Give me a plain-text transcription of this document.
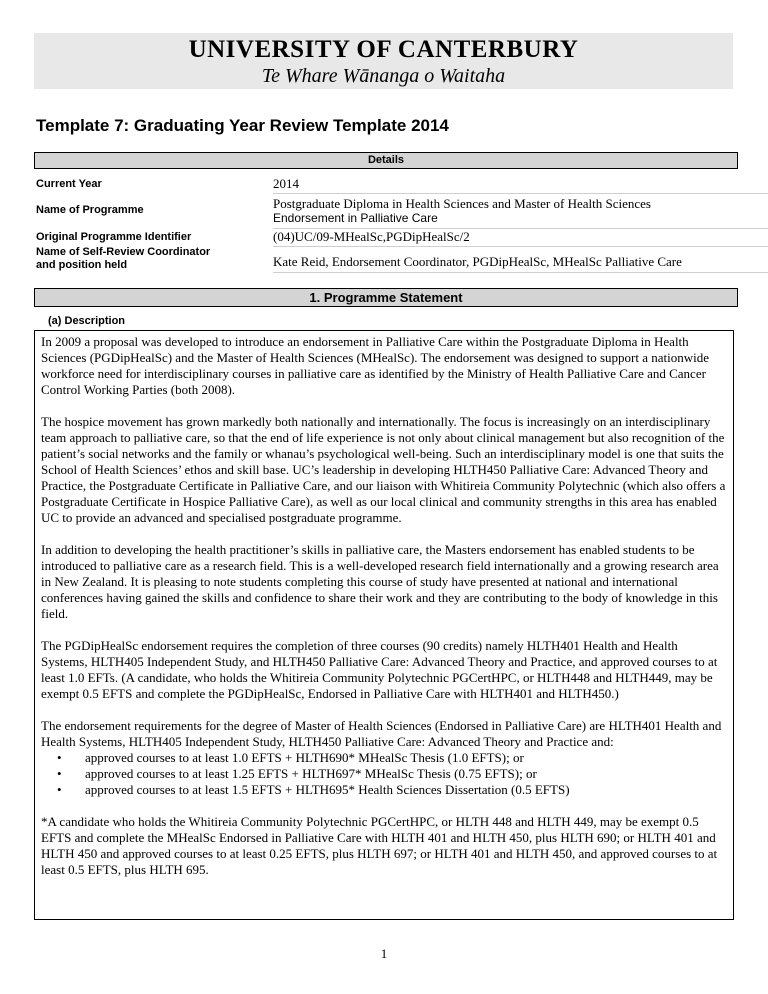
UNIVERSITY OF CANTERBURY
Te Whare Wānanga o Waitaha
Template 7: Graduating Year Review Template 2014
Details
Current Year	2014
Name of Programme	Postgraduate Diploma in Health Sciences and Master of Health Sciences
Endorsement in Palliative Care
Original Programme Identifier	(04)UC/09-MHealSc,PGDipHealSc/2
Name of Self-Review Coordinator
and position held	Kate Reid, Endorsement Coordinator, PGDipHealSc, MHealSc Palliative Care
1. Programme Statement
(a) Description

In 2009 a proposal was developed to introduce an endorsement in Palliative Care within the Postgraduate Diploma in Health Sciences (PGDipHealSc) and the Master of Health Sciences (MHealSc). The endorsement was designed to support a nationwide workforce need for interdisciplinary courses in palliative care as identified by the Ministry of Health Palliative Care and Cancer Control Working Parties (both 2008).

The hospice movement has grown markedly both nationally and internationally. The focus is increasingly on an interdisciplinary team approach to palliative care, so that the end of life experience is not only about clinical management but also recognition of the patient’s social networks and the family or whanau’s psychological well-being. Such an interdisciplinary model is one that suits the School of Health Sciences’ ethos and skill base. UC’s leadership in developing HLTH450 Palliative Care: Advanced Theory and Practice, the Postgraduate Certificate in Palliative Care, and our liaison with Whitireia Community Polytechnic (which also offers a Postgraduate Certificate in Hospice Palliative Care), as well as our local clinical and community strengths in this area has enabled UC to provide an advanced and specialised postgraduate programme.

In addition to developing the health practitioner’s skills in palliative care, the Masters endorsement has enabled students to be introduced to palliative care as a research field. This is a well-developed research field internationally and a growing research area in New Zealand. It is pleasing to note students completing this course of study have presented at national and international conferences having gained the skills and confidence to share their work and they are contributing to the body of knowledge in this field.

The PGDipHealSc endorsement requires the completion of three courses (90 credits) namely HLTH401 Health and Health Systems, HLTH405 Independent Study, and HLTH450 Palliative Care: Advanced Theory and Practice, and approved courses to at least 1.0 EFTs. (A candidate, who holds the Whitireia Community Polytechnic PGCertHPC, or HLTH448 and HLTH449, may be exempt 0.5 EFTS and complete the PGDipHealSc, Endorsed in Palliative Care with HLTH401 and HLTH450.)

The endorsement requirements for the degree of Master of Health Sciences (Endorsed in Palliative Care) are HLTH401 Health and Health Systems, HLTH405 Independent Study, HLTH450 Palliative Care: Advanced Theory and Practice and:

• approved courses to at least 1.0 EFTS + HLTH690* MHealSc Thesis (1.0 EFTS); or
• approved courses to at least 1.25 EFTS + HLTH697* MHealSc Thesis (0.75 EFTS); or
• approved courses to at least 1.5 EFTS + HLTH695* Health Sciences Dissertation (0.5 EFTS)

*A candidate who holds the Whitireia Community Polytechnic PGCertHPC, or HLTH 448 and HLTH 449, may be exempt 0.5 EFTS and complete the MHealSc Endorsed in Palliative Care with HLTH 401 and HLTH 450, plus HLTH 690; or HLTH 401 and HLTH 450 and approved courses to at least 0.25 EFTS, plus HLTH 697; or HLTH 401 and HLTH 450, and approved courses to at least 0.5 EFTS, plus HLTH 695.

1
